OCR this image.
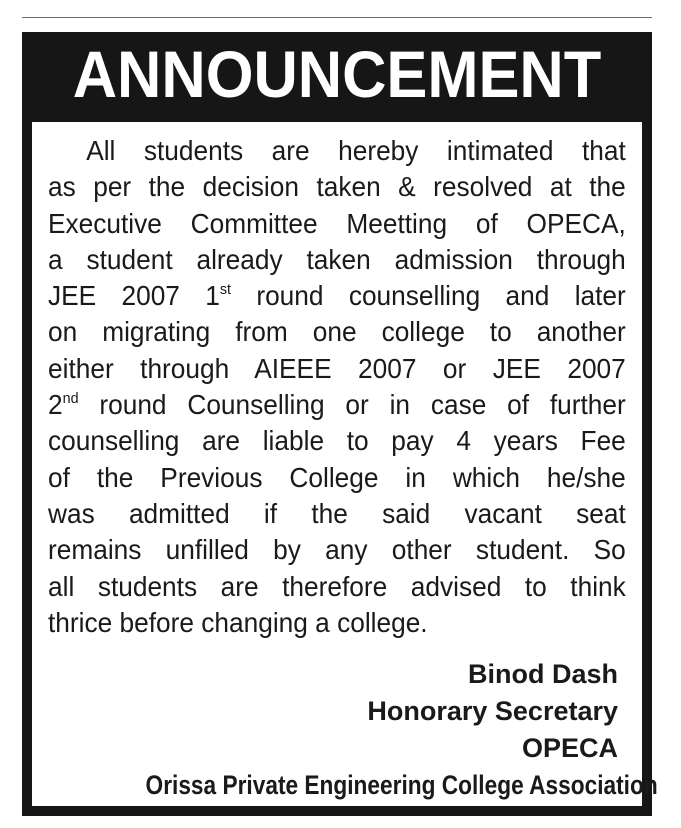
ANNOUNCEMENT
All students are hereby intimated that
as per the decision taken & resolved at the
Executive Committee Meetting of OPECA,
a student already taken admission through
JEE 2007 1st round counselling and later
on migrating from one college to another
either through AIEEE 2007 or JEE 2007
2nd round Counselling or in case of further
counselling are liable to pay 4 years Fee
of the Previous College in which he/she
was admitted if the said vacant seat
remains unfilled by any other student. So
all students are therefore advised to think
thrice before changing a college.
Binod Dash
Honorary Secretary
OPECA
Orissa Private Engineering College Association
